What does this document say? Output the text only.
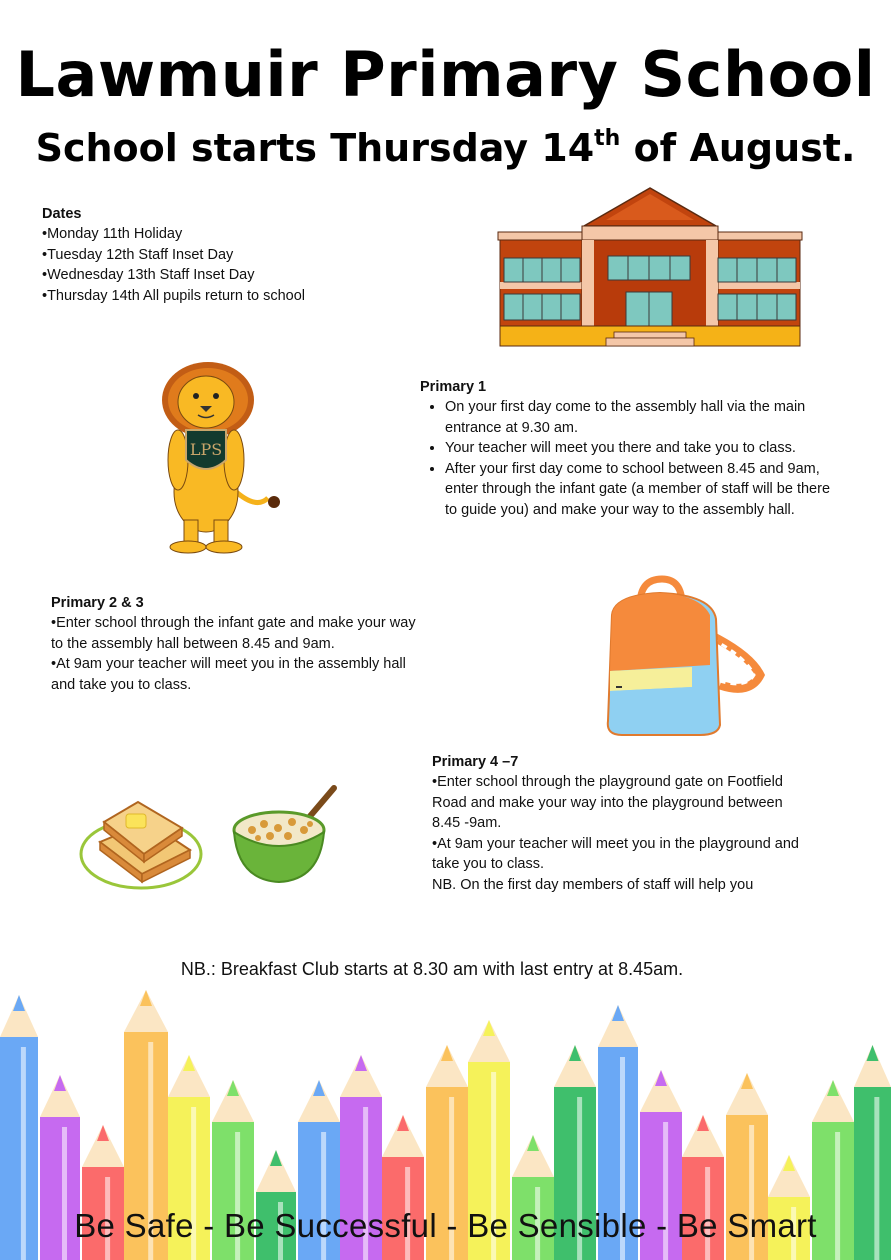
Lawmuir Primary School
School starts Thursday 14th of August.
Dates
•Monday 11th Holiday
•Tuesday 12th Staff Inset Day
•Wednesday 13th Staff Inset Day
•Thursday 14th All pupils return to school
LPS
Primary 1
• On your first day come to the assembly hall via the main entrance at 9.30 am.
• Your teacher will meet you there and take you to class.
• After your first day come to school between 8.45 and 9am, enter through the infant gate (a member of staff will be there to guide you) and make your way to the assembly hall.
Primary 2 & 3
•Enter school through the infant gate and make your way
to the assembly hall between 8.45 and 9am.
•At 9am your teacher will meet you in the assembly hall
and take you to class.
Primary 4 –7
•Enter school through the playground gate on Footfield
Road and make your way into the playground between
8.45 -9am.
•At 9am your teacher will meet you in the playground and
take you to class.
NB. On the first day members of staff will help you
NB.: Breakfast Club starts at 8.30 am with last entry at 8.45am.
Be Safe - Be Successful - Be Sensible - Be Smart
